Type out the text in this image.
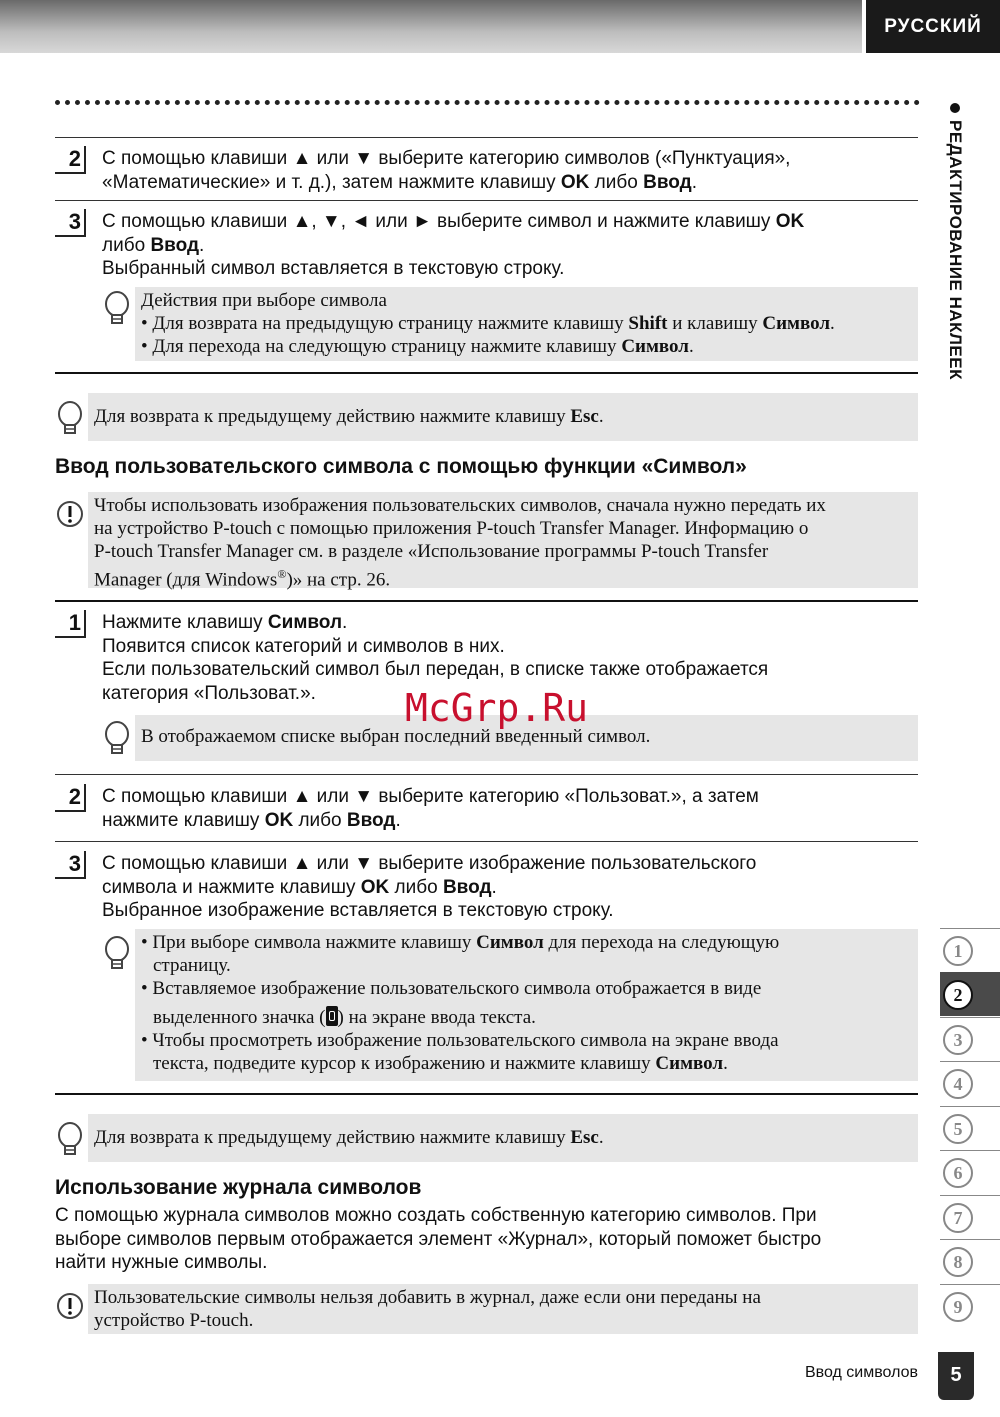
РУССКИЙ
РЕДАКТИРОВАНИЕ НАКЛЕЕК
2 С помощью клавиши ▲ или ▼ выберите категорию символов («Пунктуация»,
«Математические» и т. д.), затем нажмите клавишу OK либо Ввод.
3 С помощью клавиши ▲, ▼, ◄ или ► выберите символ и нажмите клавишу OK
либо Ввод.
Выбранный символ вставляется в текстовую строку.
Действия при выборе символа
• Для возврата на предыдущую страницу нажмите клавишу Shift и клавишу Символ.
• Для перехода на следующую страницу нажмите клавишу Символ.
Для возврата к предыдущему действию нажмите клавишу Esc.
Ввод пользовательского символа с помощью функции «Символ»
Чтобы использовать изображения пользовательских символов, сначала нужно передать их
на устройство P-touch с помощью приложения P-touch Transfer Manager. Информацию о
P-touch Transfer Manager см. в разделе «Использование программы P-touch Transfer
Manager (для Windows®)» на стр. 26.
1 Нажмите клавишу Символ.
Появится список категорий и символов в них.
Если пользовательский символ был передан, в списке также отображается
категория «Пользоват.».
В отображаемом списке выбран последний введенный символ.
2 С помощью клавиши ▲ или ▼ выберите категорию «Пользоват.», а затем
нажмите клавишу OK либо Ввод.
3 С помощью клавиши ▲ или ▼ выберите изображение пользовательского
символа и нажмите клавишу OK либо Ввод.
Выбранное изображение вставляется в текстовую строку.
• При выборе символа нажмите клавишу Символ для перехода на следующую
страницу.
• Вставляемое изображение пользовательского символа отображается в виде
выделенного значка ( ) на экране ввода текста.
• Чтобы просмотреть изображение пользовательского символа на экране ввода
текста, подведите курсор к изображению и нажмите клавишу Символ.
Для возврата к предыдущему действию нажмите клавишу Esc.
Использование журнала символов
С помощью журнала символов можно создать собственную категорию символов. При
выборе символов первым отображается элемент «Журнал», который поможет быстро
найти нужные символы.
Пользовательские символы нельзя добавить в журнал, даже если они переданы на
устройство P-touch.
1
2
3
4
5
6
7
8
9
Ввод символов	5
McGrp.Ru
